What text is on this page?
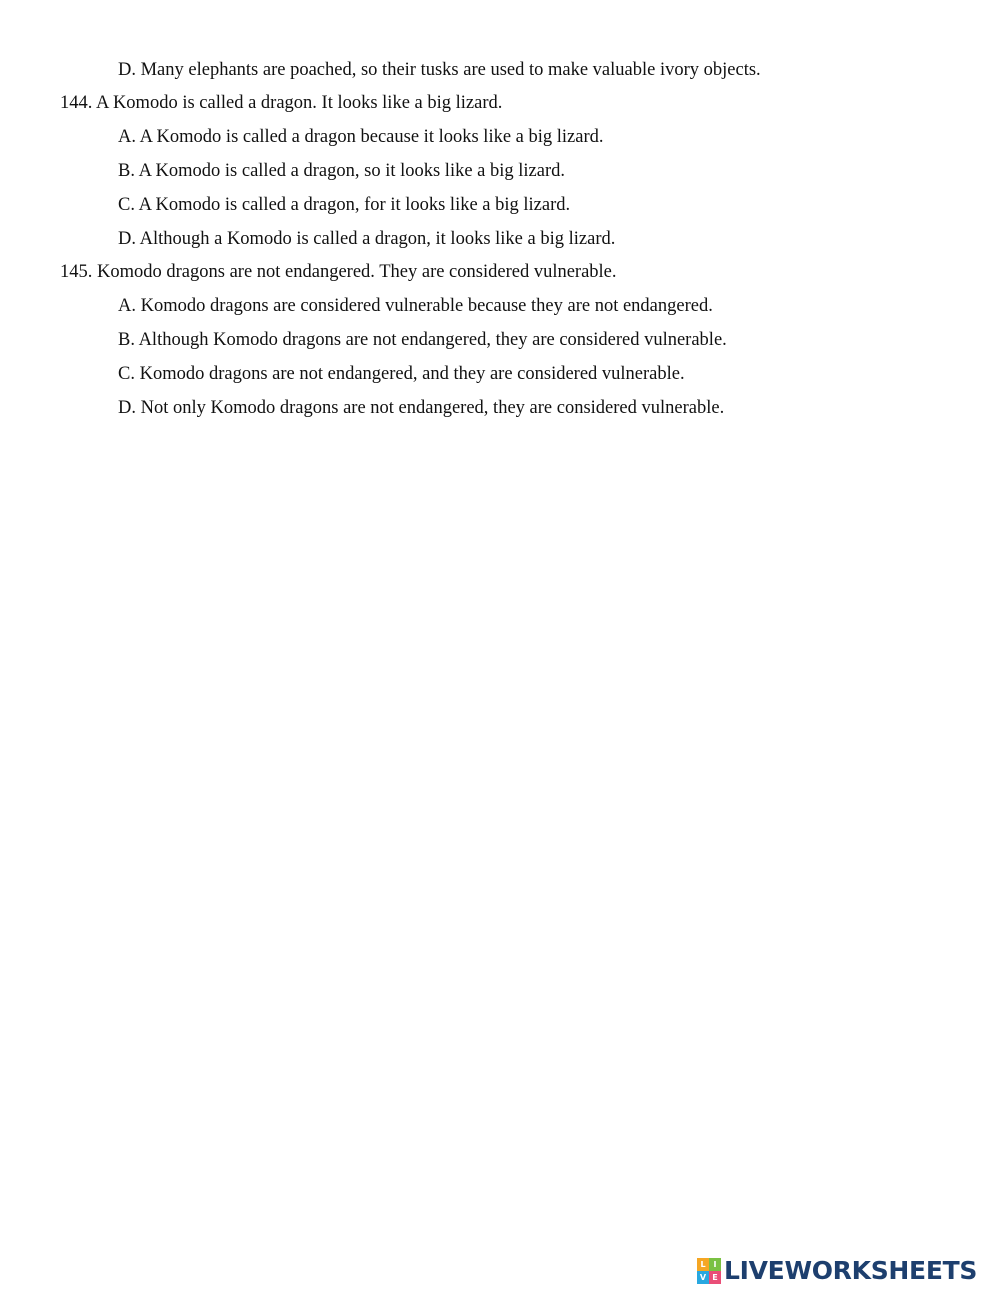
D. Many elephants are poached, so their tusks are used to make valuable ivory objects.
144. A Komodo is called a dragon. It looks like a big lizard.
A. A Komodo is called a dragon because it looks like a big lizard.
B. A Komodo is called a dragon, so it looks like a big lizard.
C. A Komodo is called a dragon, for it looks like a big lizard.
D. Although a Komodo is called a dragon, it looks like a big lizard.
145. Komodo dragons are not endangered. They are considered vulnerable.
A. Komodo dragons are considered vulnerable because they are not endangered.
B. Although Komodo dragons are not endangered, they are considered vulnerable.
C. Komodo dragons are not endangered, and they are considered vulnerable.
D. Not only Komodo dragons are not endangered, they are considered vulnerable.
L I
V E LIVEWORKSHEETS
